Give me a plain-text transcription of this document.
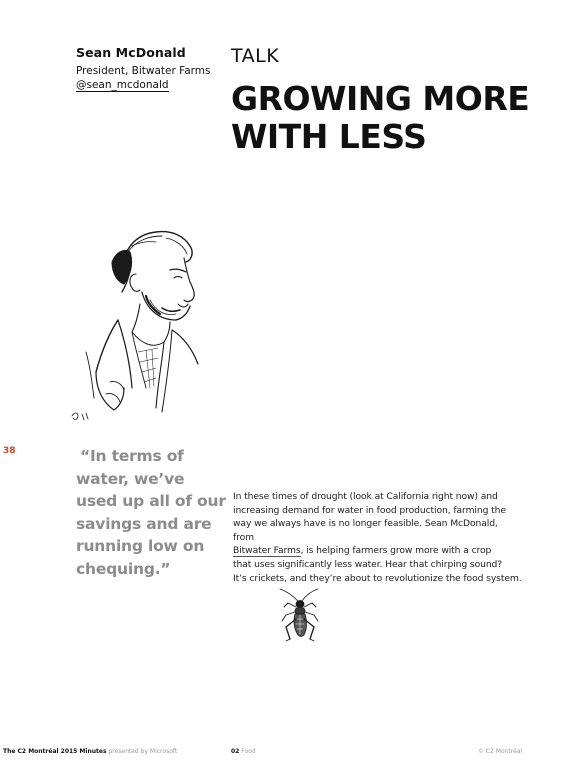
Sean McDonald
President, Bitwater Farms
@sean_mcdonald
TALK
GROWING MORE
WITH LESS
38	“In terms of
water, we’ve
used up all of our
savings and are
running low on
chequing.”
In these times of drought (look at California right now) and
increasing demand for water in food production, farming the
way we always have is no longer feasible. Sean McDonald,
from
Bitwater Farms, is helping farmers grow more with a crop
that uses significantly less water. Hear that chirping sound?
It’s crickets, and they’re about to revolutionize the food system.
The C2 Montréal 2015 Minutes presented by Microsoft	02 Food	© C2 Montréal
